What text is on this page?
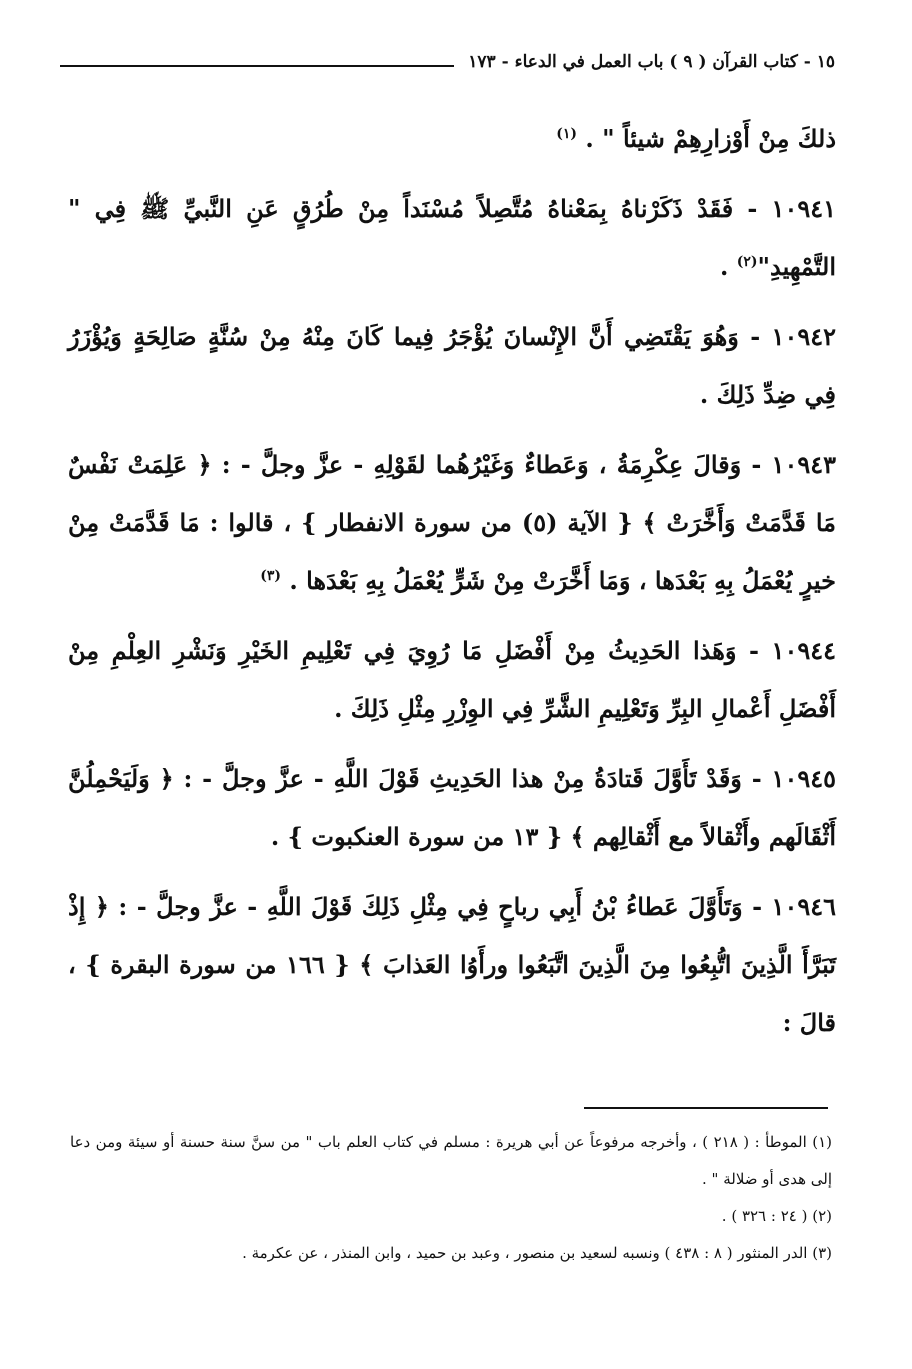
١٥ - كتاب القرآن ( ٩ ) باب العمل في الدعاء - ١٧٣

ذلكَ مِنْ أَوْزارِهِمْ شيئاً " . $^{(١)}$

١٠٩٤١ - فَقَدْ ذَكَرْناهُ بِمَعْناهُ مُتَّصِلاً مُسْنَداً مِنْ طُرُقٍ عَنِ النَّبيِّ ﷺ فِي " التَّمْهِيدِ"$^{(٢)}$ .

١٠٩٤٢ - وَهُوَ يَقْتَضِي أَنَّ الإِنْسانَ يُؤْجَرُ فِيما كَانَ مِنْهُ مِنْ سُنَّةٍ صَالِحَةٍ وَيُؤْزَرُ فِي ضِدِّ ذَلِكَ .

١٠٩٤٣ - وَقالَ عِكْرِمَةُ ، وَعَطاءٌ وَغَيْرُهُما لقَوْلِهِ - عزَّ وجلَّ - : ﴿ عَلِمَتْ نَفْسٌ مَا قَدَّمَتْ وَأَخَّرَتْ ﴾ { الآية (٥) من سورة الانفطار } ، قالوا : مَا قَدَّمَتْ مِنْ خيرٍ يُعْمَلُ بِهِ بَعْدَها ، وَمَا أَخَّرَتْ مِنْ شَرٍّ يُعْمَلُ بِهِ بَعْدَها . $^{(٣)}$

١٠٩٤٤ - وَهَذا الحَدِيثُ مِنْ أَفْضَلِ مَا رُوِيَ فِي تَعْلِيمِ الخَيْرِ وَنَشْرِ العِلْمِ مِنْ أَفْضَلِ أَعْمالِ البِرِّ وَتَعْلِيمِ الشَّرِّ فِي الوِزْرِ مِثْلِ ذَلِكَ .

١٠٩٤٥ - وَقَدْ تَأَوَّلَ قَتادَةُ مِنْ هذا الحَدِيثِ قَوْلَ اللَّهِ - عزَّ وجلَّ - : ﴿ وَلَيَحْمِلُنَّ أَثْقَالَهم وأَثْقالاً مع أَثْقالِهم ﴾ { ١٣ من سورة العنكبوت } .

١٠٩٤٦ - وَتَأَوَّلَ عَطاءُ بْنُ أَبِي رباحٍ فِي مِثْلِ ذَلِكَ قَوْلَ اللَّهِ - عزَّ وجلَّ - : ﴿ إِذْ تَبَرَّأَ الَّذِينَ اتُّبِعُوا مِنَ الَّذِينَ اتَّبَعُوا ورأَوُا العَذابَ ﴾ { ١٦٦ من سورة البقرة } ، قالَ :

(١) الموطأ : ( ٢١٨ ) ، وأخرجه مرفوعاً عن أبي هريرة : مسلم في كتاب العلم باب " من سنَّ سنة حسنة أو سيئة ومن دعا إلى هدى أو ضلالة " .

(٢) ( ٢٤ : ٣٢٦ ) .

(٣) الدر المنثور ( ٨ : ٤٣٨ ) ونسبه لسعيد بن منصور ، وعبد بن حميد ، وابن المنذر ، عن عكرمة .
